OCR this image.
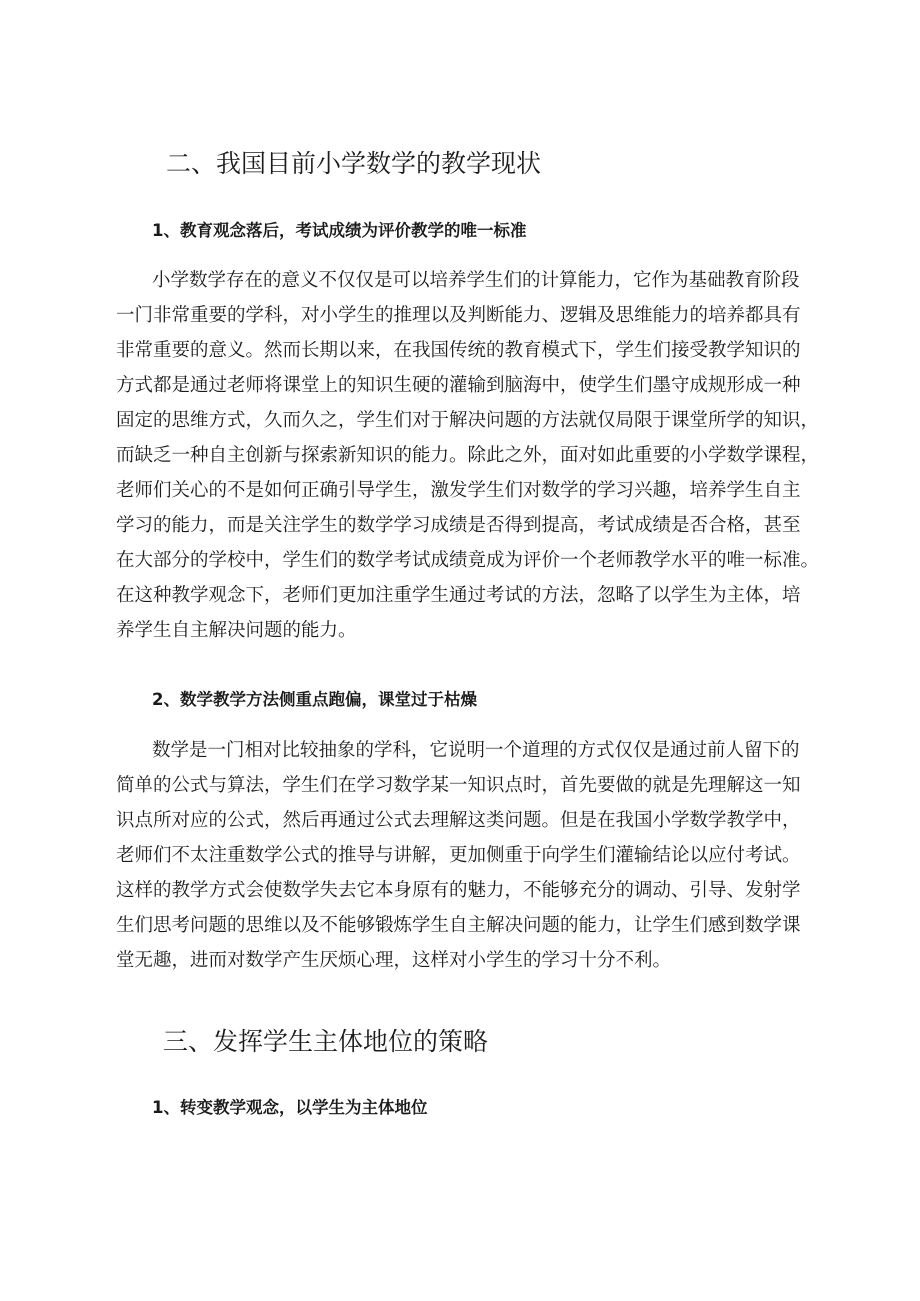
二、我国目前小学数学的教学现状
1、教育观念落后，考试成绩为评价教学的唯一标准

小学数学存在的意义不仅仅是可以培养学生们的计算能力，它作为基础教育阶段

一门非常重要的学科，对小学生的推理以及判断能力、逻辑及思维能力的培养都具有

非常重要的意义。然而长期以来，在我国传统的教育模式下，学生们接受教学知识的

方式都是通过老师将课堂上的知识生硬的灌输到脑海中，使学生们墨守成规形成一种

固定的思维方式，久而久之，学生们对于解决问题的方法就仅局限于课堂所学的知识，

而缺乏一种自主创新与探索新知识的能力。除此之外，面对如此重要的小学数学课程，

老师们关心的不是如何正确引导学生，激发学生们对数学的学习兴趣，培养学生自主

学习的能力，而是关注学生的数学学习成绩是否得到提高，考试成绩是否合格，甚至

在大部分的学校中，学生们的数学考试成绩竟成为评价一个老师教学水平的唯一标准。

在这种教学观念下，老师们更加注重学生通过考试的方法，忽略了以学生为主体，培

养学生自主解决问题的能力。

2、数学教学方法侧重点跑偏，课堂过于枯燥

数学是一门相对比较抽象的学科，它说明一个道理的方式仅仅是通过前人留下的

简单的公式与算法，学生们在学习数学某一知识点时，首先要做的就是先理解这一知

识点所对应的公式，然后再通过公式去理解这类问题。但是在我国小学数学教学中，

老师们不太注重数学公式的推导与讲解，更加侧重于向学生们灌输结论以应付考试。

这样的教学方式会使数学失去它本身原有的魅力，不能够充分的调动、引导、发射学

生们思考问题的思维以及不能够锻炼学生自主解决问题的能力，让学生们感到数学课

堂无趣，进而对数学产生厌烦心理，这样对小学生的学习十分不利。

三、发挥学生主体地位的策略
1、转变教学观念，以学生为主体地位
